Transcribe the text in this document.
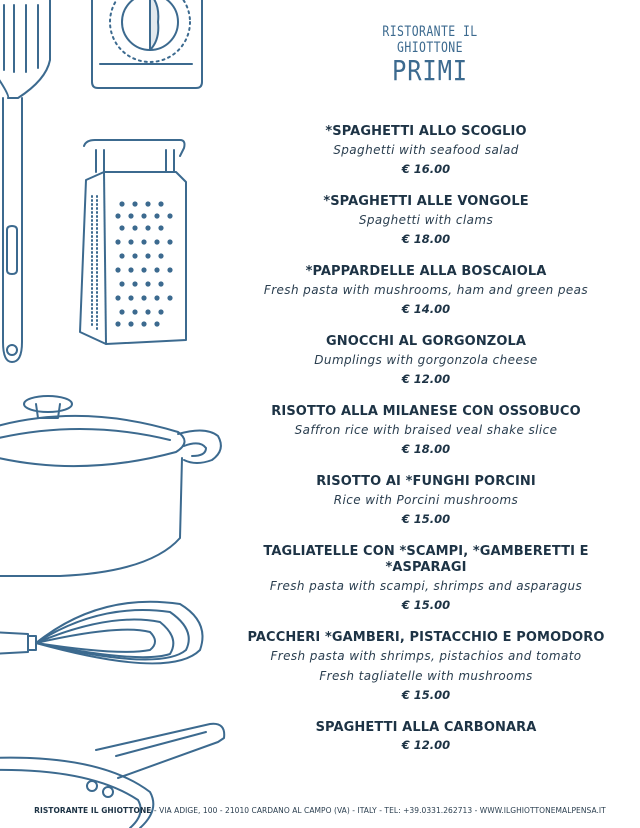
RISTORANTE IL GHIOTTONE
PRIMI
*SPAGHETTI ALLO SCOGLIO
Spaghetti with seafood salad
€ 16.00
*SPAGHETTI ALLE VONGOLE
Spaghetti with clams
€ 18.00
*PAPPARDELLE ALLA BOSCAIOLA
Fresh pasta with mushrooms, ham and green peas
€ 14.00
GNOCCHI AL GORGONZOLA
Dumplings with gorgonzola cheese
€ 12.00
RISOTTO ALLA MILANESE CON OSSOBUCO
Saffron rice with braised veal shake slice
€ 18.00
RISOTTO AI *FUNGHI PORCINI
Rice with Porcini mushrooms
€ 15.00
TAGLIATELLE CON *SCAMPI, *GAMBERETTI E *ASPARAGI
Fresh pasta with scampi, shrimps and asparagus
€ 15.00
PACCHERI *GAMBERI, PISTACCHIO E POMODORO
Fresh pasta with shrimps, pistachios and tomato
Fresh tagliatelle with mushrooms
€ 15.00
SPAGHETTI ALLA CARBONARA
€ 12.00
RISTORANTE IL GHIOTTONE - VIA ADIGE, 100 - 21010 CARDANO AL CAMPO (VA) - ITALY - TEL: +39.0331.262713 - WWW.ILGHIOTTONEMALPENSA.IT
